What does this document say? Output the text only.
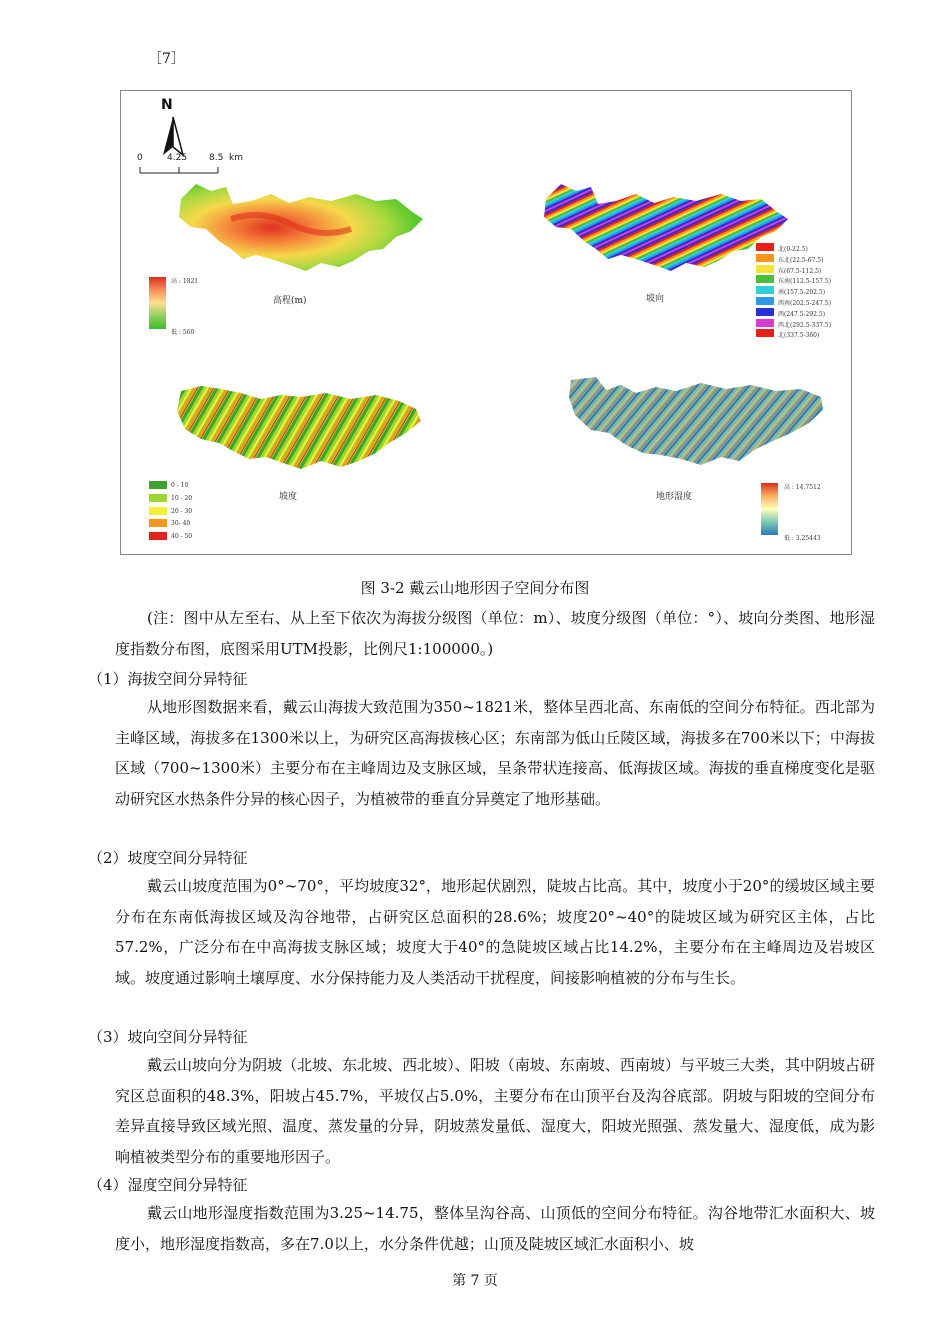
［7］
N
0	4.25 8.5 km
高 : 1821
低 : 560
高程(m)
北(0-22.5)
东北(22.5-67.5)
东(67.5-112.5)
东南(112.5-157.5)
南(157.5-202.5)
西南(202.5-247.5)
西(247.5-292.5)
西北(292.5-337.5)
北(337.5-360)
坡向
0 - 10
10 - 20
20 - 30
30- 40
40 - 50
坡度
高 : 14.7512
低 : 3.25443
地形湿度
图 3-2 戴云山地形因子空间分布图

(注：图中从左至右、从上至下依次为海拔分级图（单位：m）、坡度分级图（单位：°）、坡向分类图、地形湿度指数分布图，底图采用UTM投影，比例尺1:100000。)

（1）海拔空间分异特征

从地形图数据来看，戴云山海拔大致范围为350~1821米，整体呈西北高、东南低的空间分布特征。西北部为主峰区域，海拔多在1300米以上，为研究区高海拔核心区；东南部为低山丘陵区域，海拔多在700米以下；中海拔区域（700~1300米）主要分布在主峰周边及支脉区域，呈条带状连接高、低海拔区域。海拔的垂直梯度变化是驱动研究区水热条件分异的核心因子，为植被带的垂直分异奠定了地形基础。

（2）坡度空间分异特征

戴云山坡度范围为0°~70°，平均坡度32°，地形起伏剧烈，陡坡占比高。其中，坡度小于20°的缓坡区域主要分布在东南低海拔区域及沟谷地带，占研究区总面积的28.6%；坡度20°~40°的陡坡区域为研究区主体，占比57.2%，广泛分布在中高海拔支脉区域；坡度大于40°的急陡坡区域占比14.2%，主要分布在主峰周边及岩坡区域。坡度通过影响土壤厚度、水分保持能力及人类活动干扰程度，间接影响植被的分布与生长。

（3）坡向空间分异特征

戴云山坡向分为阴坡（北坡、东北坡、西北坡）、阳坡（南坡、东南坡、西南坡）与平坡三大类，其中阴坡占研究区总面积的48.3%，阳坡占45.7%，平坡仅占5.0%，主要分布在山顶平台及沟谷底部。阴坡与阳坡的空间分布差异直接导致区域光照、温度、蒸发量的分异，阴坡蒸发量低、湿度大，阳坡光照强、蒸发量大、湿度低，成为影响植被类型分布的重要地形因子。

（4）湿度空间分异特征

戴云山地形湿度指数范围为3.25~14.75，整体呈沟谷高、山顶低的空间分布特征。沟谷地带汇水面积大、坡度小，地形湿度指数高，多在7.0以上，水分条件优越；山顶及陡坡区域汇水面积小、坡

第 7 页
